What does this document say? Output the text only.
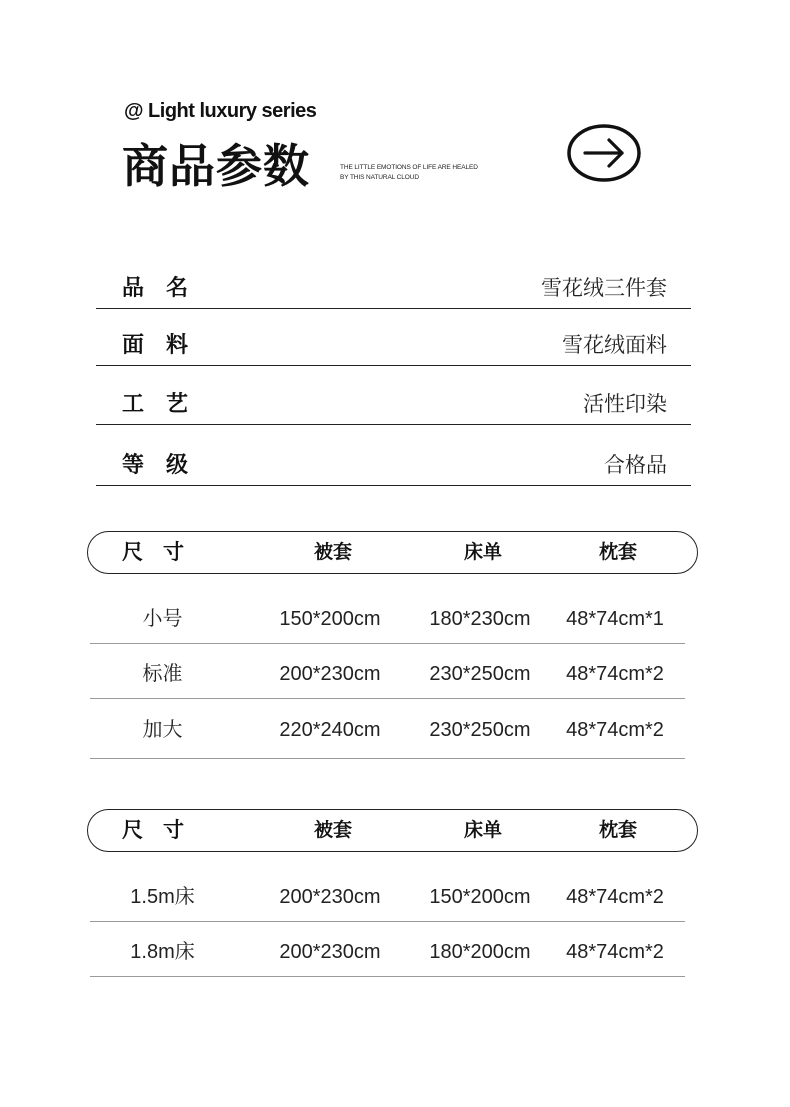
@ Light luxury series
商品参数	THE LITTLE EMOTIONS OF LIFE ARE HEALED
BY THIS NATURAL CLOUD
品名	雪花绒三件套
面料	雪花绒面料
工艺	活性印染
等级	合格品
尺寸	被套	床单	枕套
小号	150*200cm	180*230cm	48*74cm*1
标准	200*230cm	230*250cm	48*74cm*2
加大	220*240cm	230*250cm	48*74cm*2
尺寸	被套	床单	枕套
1.5m床	200*230cm	150*200cm	48*74cm*2
1.8m床	200*230cm	180*200cm	48*74cm*2
